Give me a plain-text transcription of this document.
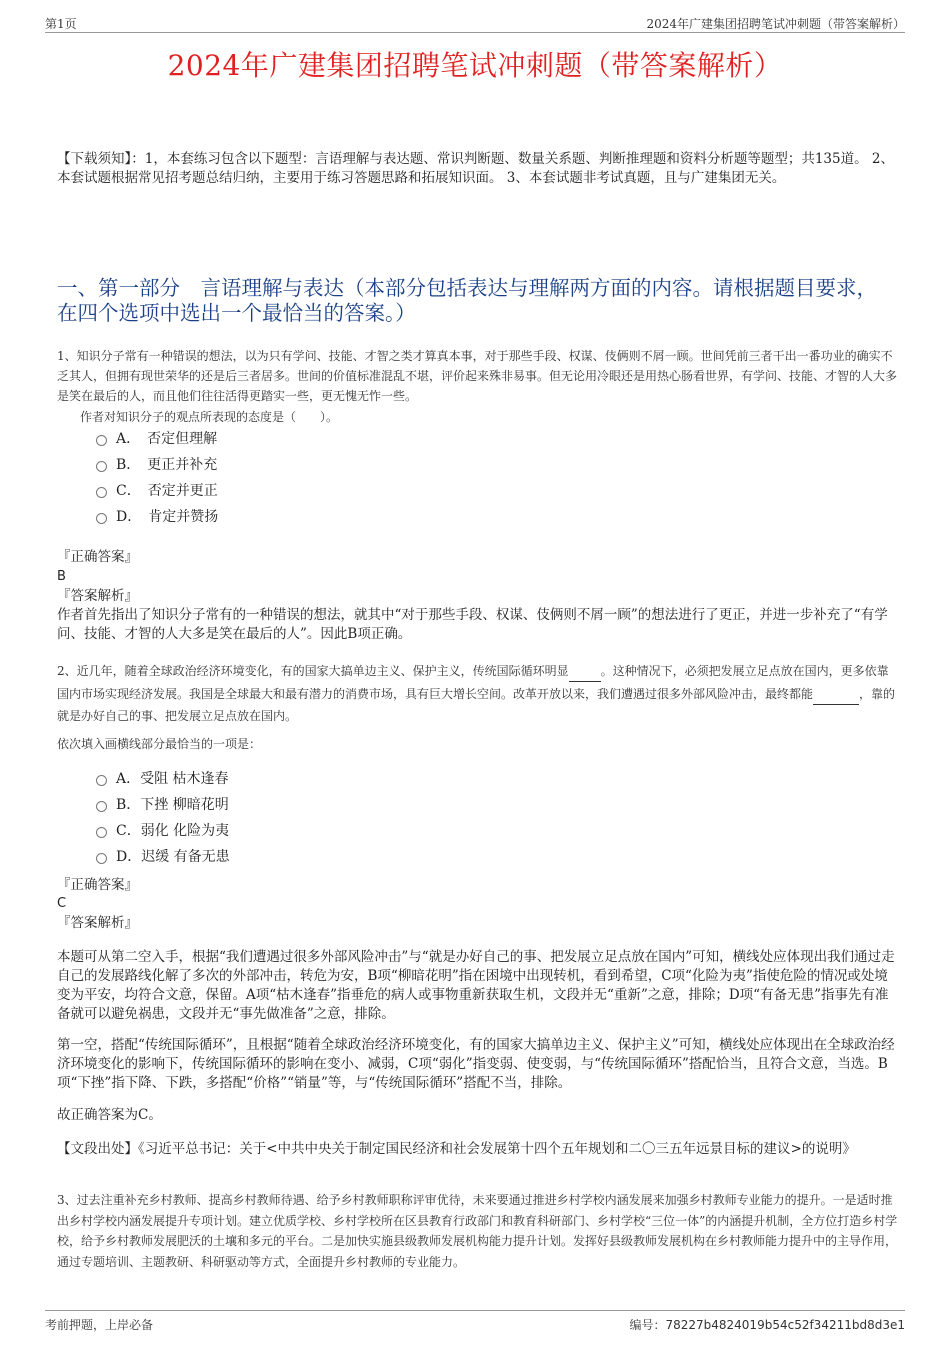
第1页	2024年广建集团招聘笔试冲刺题（带答案解析）
2024年广建集团招聘笔试冲刺题（带答案解析）
【下载须知】：1，本套练习包含以下题型：言语理解与表达题、常识判断题、数量关系题、判断推理题和资料分析题等题型；共135道。 2、本套试题根据常见招考题总结归纳，主要用于练习答题思路和拓展知识面。 3、本套试题非考试真题，且与广建集团无关。
一、第一部分　言语理解与表达（本部分包括表达与理解两方面的内容。请根据题目要求，在四个选项中选出一个最恰当的答案。）
1、知识分子常有一种错误的想法，以为只有学问、技能、才智之类才算真本事，对于那些手段、权谋、伎俩则不屑一顾。世间凭前三者干出一番功业的确实不乏其人，但拥有现世荣华的还是后三者居多。世间的价值标准混乱不堪，评价起来殊非易事。但无论用冷眼还是用热心肠看世界，有学问、技能、才智的人大多是笑在最后的人，而且他们往往活得更踏实一些，更无愧无怍一些。
作者对知识分子的观点所表现的态度是（　　）。
A．　否定但理解
B．　更正并补充
C．　否定并更正
D．　肯定并赞扬
『正确答案』
B
『答案解析』
作者首先指出了知识分子常有的一种错误的想法，就其中“对于那些手段、权谋、伎俩则不屑一顾”的想法进行了更正，并进一步补充了“有学问、技能、才智的人大多是笑在最后的人”。因此B项正确。
2、近几年，随着全球政治经济环境变化，有的国家大搞单边主义、保护主义，传统国际循环明显	。这种情况下，必须把发展立足点放在国内，更多依靠国内市场实现经济发展。我国是全球最大和最有潜力的消费市场，具有巨大增长空间。改革开放以来，我们遭遇过很多外部风险冲击，最终都能	，靠的就是办好自己的事、把发展立足点放在国内。
依次填入画横线部分最恰当的一项是：
A．受阻 枯木逢春
B．下挫 柳暗花明
C．弱化 化险为夷
D．迟缓 有备无患
『正确答案』
C
『答案解析』
本题可从第二空入手，根据“我们遭遇过很多外部风险冲击”与“就是办好自己的事、把发展立足点放在国内”可知，横线处应体现出我们通过走自己的发展路线化解了多次的外部冲击，转危为安，B项“柳暗花明”指在困境中出现转机，看到希望，C项“化险为夷”指使危险的情况或处境变为平安，均符合文意，保留。A项“枯木逢春”指垂危的病人或事物重新获取生机，文段并无“重新”之意，排除；D项“有备无患”指事先有准备就可以避免祸患，文段并无“事先做准备”之意，排除。
第一空，搭配“传统国际循环”，且根据“随着全球政治经济环境变化，有的国家大搞单边主义、保护主义”可知，横线处应体现出在全球政治经济环境变化的影响下，传统国际循环的影响在变小、减弱，C项“弱化”指变弱、使变弱，与“传统国际循环”搭配恰当，且符合文意，当选。B项“下挫”指下降、下跌，多搭配“价格”“销量”等，与“传统国际循环”搭配不当，排除。
故正确答案为C。
【文段出处】《习近平总书记：关于<中共中央关于制定国民经济和社会发展第十四个五年规划和二〇三五年远景目标的建议>的说明》
3、过去注重补充乡村教师、提高乡村教师待遇、给予乡村教师职称评审优待，未来要通过推进乡村学校内涵发展来加强乡村教师专业能力的提升。一是适时推出乡村学校内涵发展提升专项计划。建立优质学校、乡村学校所在区县教育行政部门和教育科研部门、乡村学校“三位一体”的内涵提升机制，全方位打造乡村学校，给予乡村教师发展肥沃的土壤和多元的平台。二是加快实施县级教师发展机构能力提升计划。发挥好县级教师发展机构在乡村教师能力提升中的主导作用，通过专题培训、主题教研、科研驱动等方式，全面提升乡村教师的专业能力。
考前押题，上岸必备	编号：78227b4824019b54c52f34211bd8d3e1
